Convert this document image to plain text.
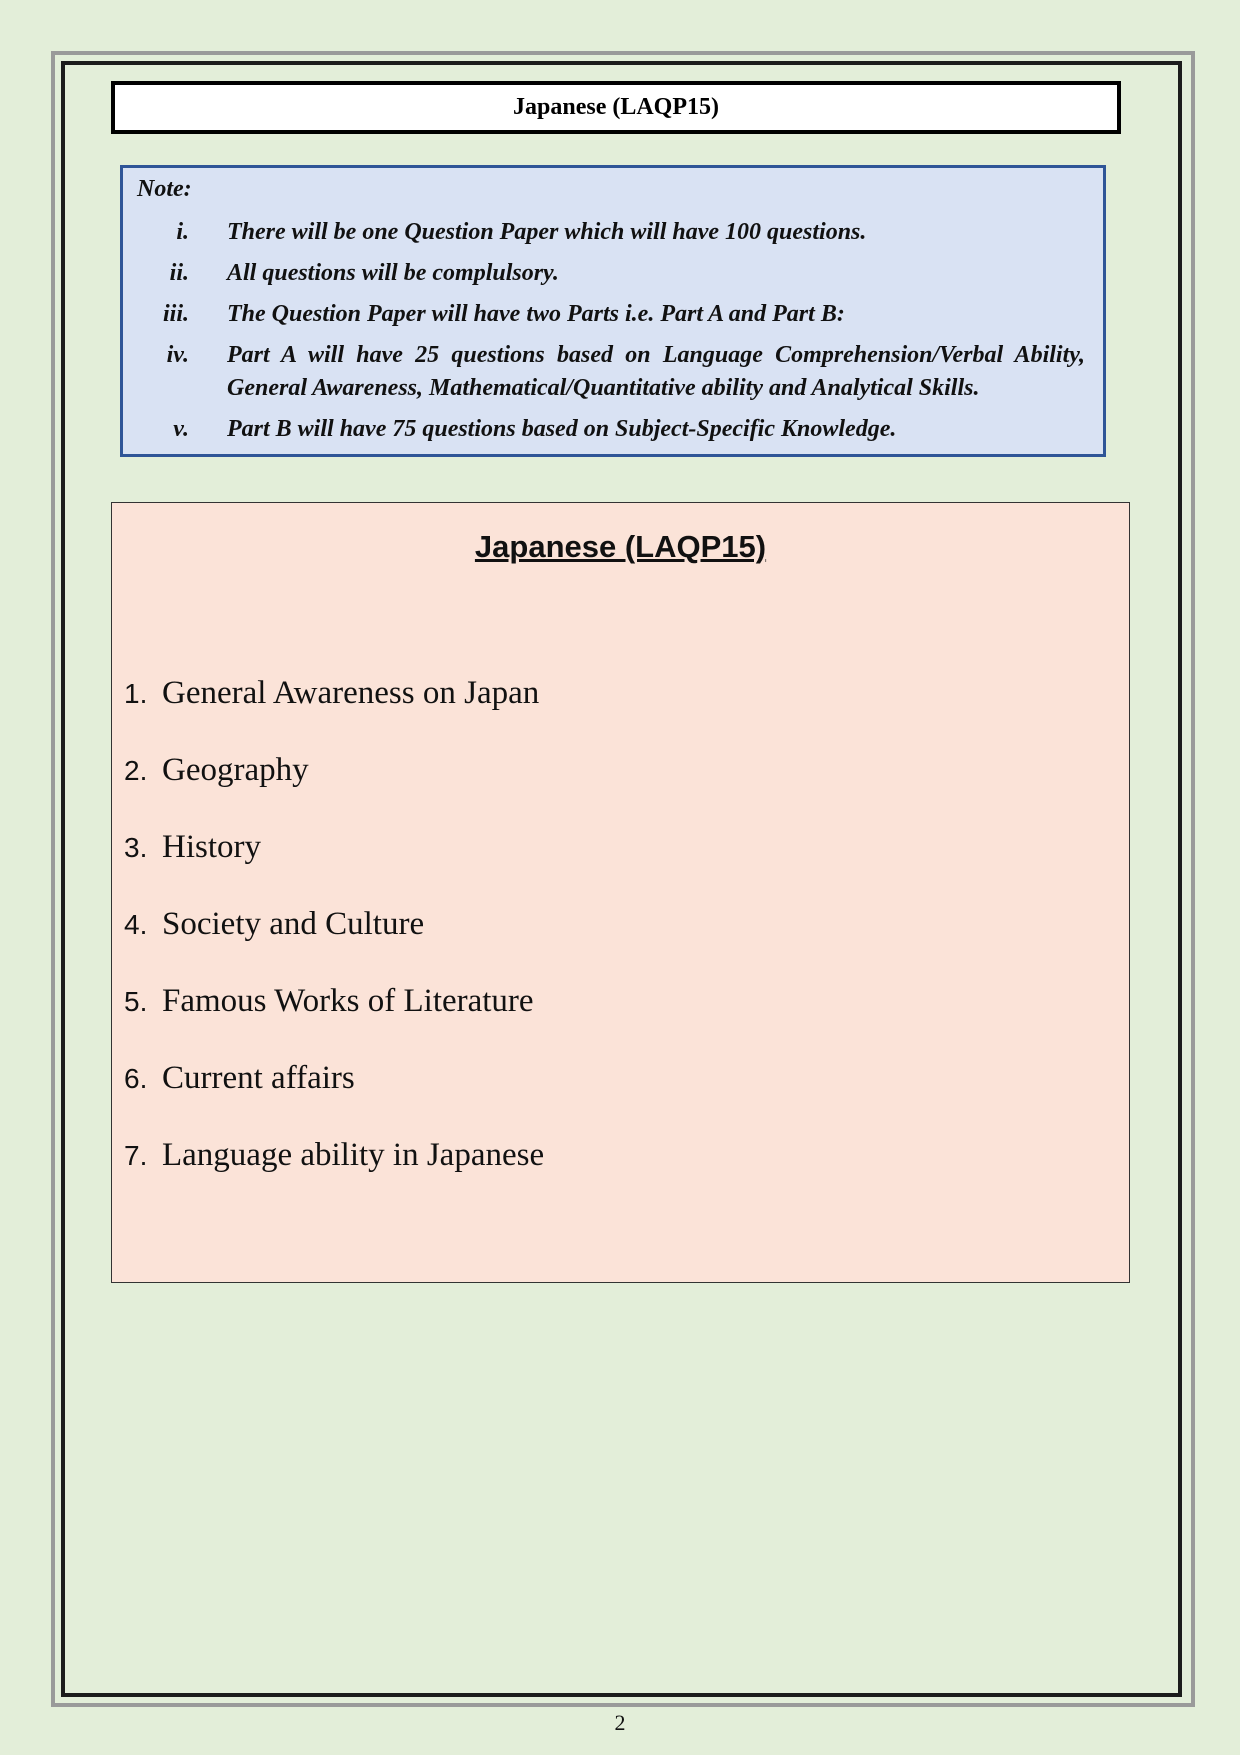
Japanese (LAQP15)
Note:
i. There will be one Question Paper which will have 100 questions.
ii. All questions will be complulsory.
iii. The Question Paper will have two Parts i.e. Part A and Part B:
iv. Part A will have 25 questions based on Language Comprehension/Verbal Ability, General Awareness, Mathematical/Quantitative ability and Analytical Skills.
v. Part B will have 75 questions based on Subject-Specific Knowledge.
Japanese (LAQP15)
1. General Awareness on Japan
2. Geography
3. History
4. Society and Culture
5. Famous Works of Literature
6. Current affairs
7. Language ability in Japanese
2
